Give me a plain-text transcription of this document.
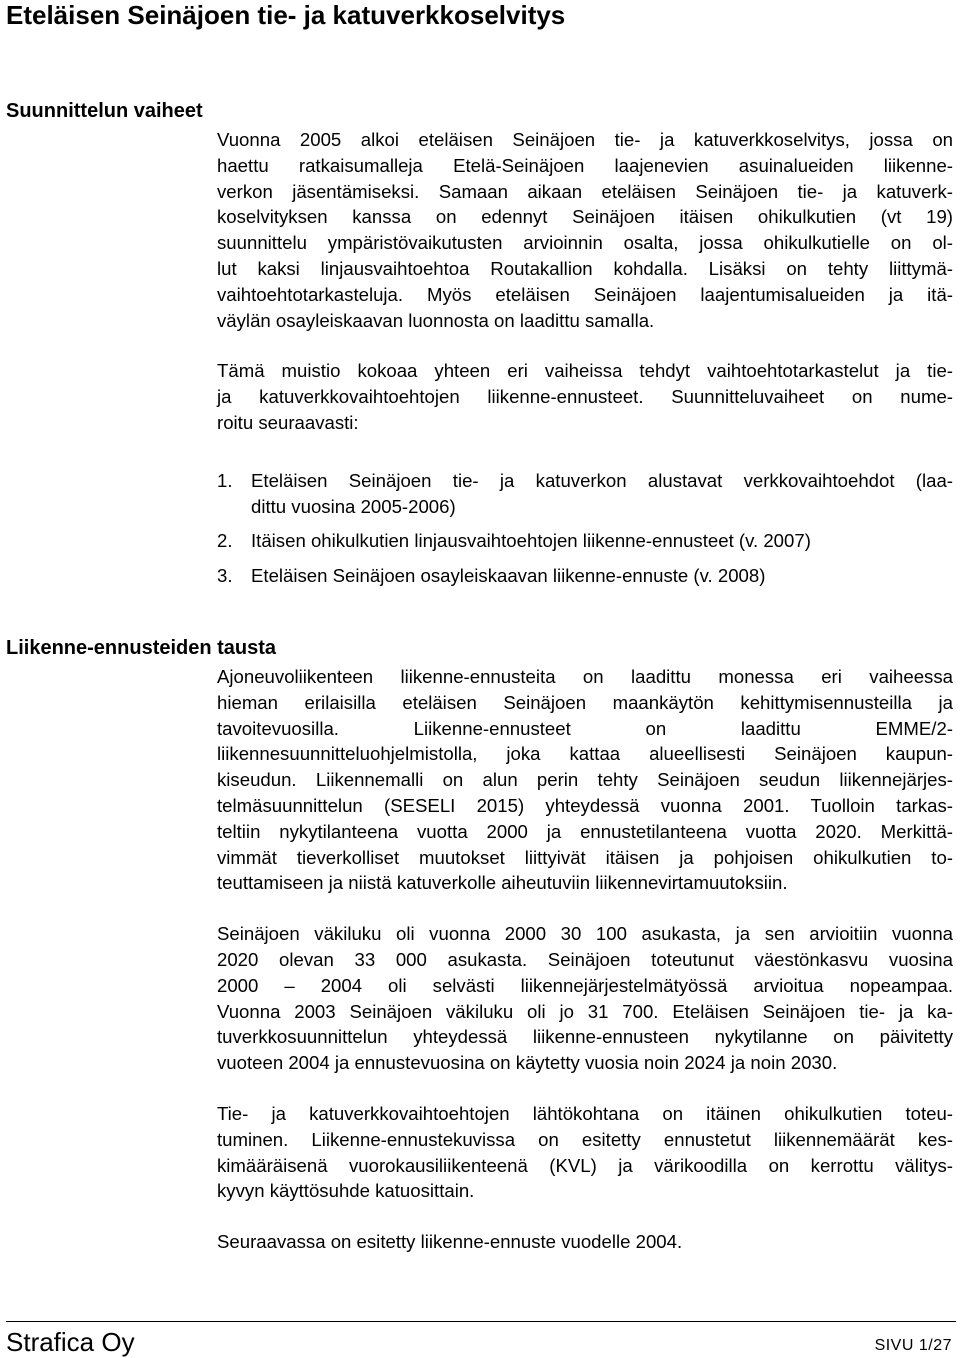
Eteläisen Seinäjoen tie- ja katuverkkoselvitys
Suunnittelun vaiheet

Vuonna 2005 alkoi eteläisen Seinäjoen tie- ja katuverkkoselvitys, jossa on
haettu ratkaisumalleja Etelä-Seinäjoen laajenevien asuinalueiden liikenne-
verkon jäsentämiseksi. Samaan aikaan eteläisen Seinäjoen tie- ja katuverk-
koselvityksen kanssa on edennyt Seinäjoen itäisen ohikulkutien (vt 19)
suunnittelu ympäristövaikutusten arvioinnin osalta, jossa ohikulkutielle on ol-
lut kaksi linjausvaihtoehtoa Routakallion kohdalla. Lisäksi on tehty liittymä-
vaihtoehtotarkasteluja. Myös eteläisen Seinäjoen laajentumisalueiden ja itä-
väylän osayleiskaavan luonnosta on laadittu samalla.

Tämä muistio kokoaa yhteen eri vaiheissa tehdyt vaihtoehtotarkastelut ja tie-
ja katuverkkovaihtoehtojen liikenne-ennusteet. Suunnitteluvaiheet on nume-
roitu seuraavasti:

1. Eteläisen Seinäjoen tie- ja katuverkon alustavat verkkovaihtoehdot (laa-
dittu vuosina 2005-2006)
2. Itäisen ohikulkutien linjausvaihtoehtojen liikenne-ennusteet (v. 2007)
3. Eteläisen Seinäjoen osayleiskaavan liikenne-ennuste (v. 2008)
Liikenne-ennusteiden tausta

Ajoneuvoliikenteen liikenne-ennusteita on laadittu monessa eri vaiheessa
hieman erilaisilla eteläisen Seinäjoen maankäytön kehittymisennusteilla ja
tavoitevuosilla. Liikenne-ennusteet on laadittu EMME/2-
liikennesuunnitteluohjelmistolla, joka kattaa alueellisesti Seinäjoen kaupun-
kiseudun. Liikennemalli on alun perin tehty Seinäjoen seudun liikennejärjes-
telmäsuunnittelun (SESELI 2015) yhteydessä vuonna 2001. Tuolloin tarkas-
teltiin nykytilanteena vuotta 2000 ja ennustetilanteena vuotta 2020. Merkittä-
vimmät tieverkolliset muutokset liittyivät itäisen ja pohjoisen ohikulkutien to-
teuttamiseen ja niistä katuverkolle aiheutuviin liikennevirtamuutoksiin.

Seinäjoen väkiluku oli vuonna 2000 30 100 asukasta, ja sen arvioitiin vuonna
2020 olevan 33 000 asukasta. Seinäjoen toteutunut väestönkasvu vuosina
2000 – 2004 oli selvästi liikennejärjestelmätyössä arvioitua nopeampaa.
Vuonna 2003 Seinäjoen väkiluku oli jo 31 700. Eteläisen Seinäjoen tie- ja ka-
tuverkkosuunnittelun yhteydessä liikenne-ennusteen nykytilanne on päivitetty
vuoteen 2004 ja ennustevuosina on käytetty vuosia noin 2024 ja noin 2030.

Tie- ja katuverkkovaihtoehtojen lähtökohtana on itäinen ohikulkutien toteu-
tuminen. Liikenne-ennustekuvissa on esitetty ennustetut liikennemäärät kes-
kimääräisenä vuorokausiliikenteenä (KVL) ja värikoodilla on kerrottu välitys-
kyvyn käyttösuhde katuosittain.

Seuraavassa on esitetty liikenne-ennuste vuodelle 2004.

Strafica Oy	SIVU 1/27
